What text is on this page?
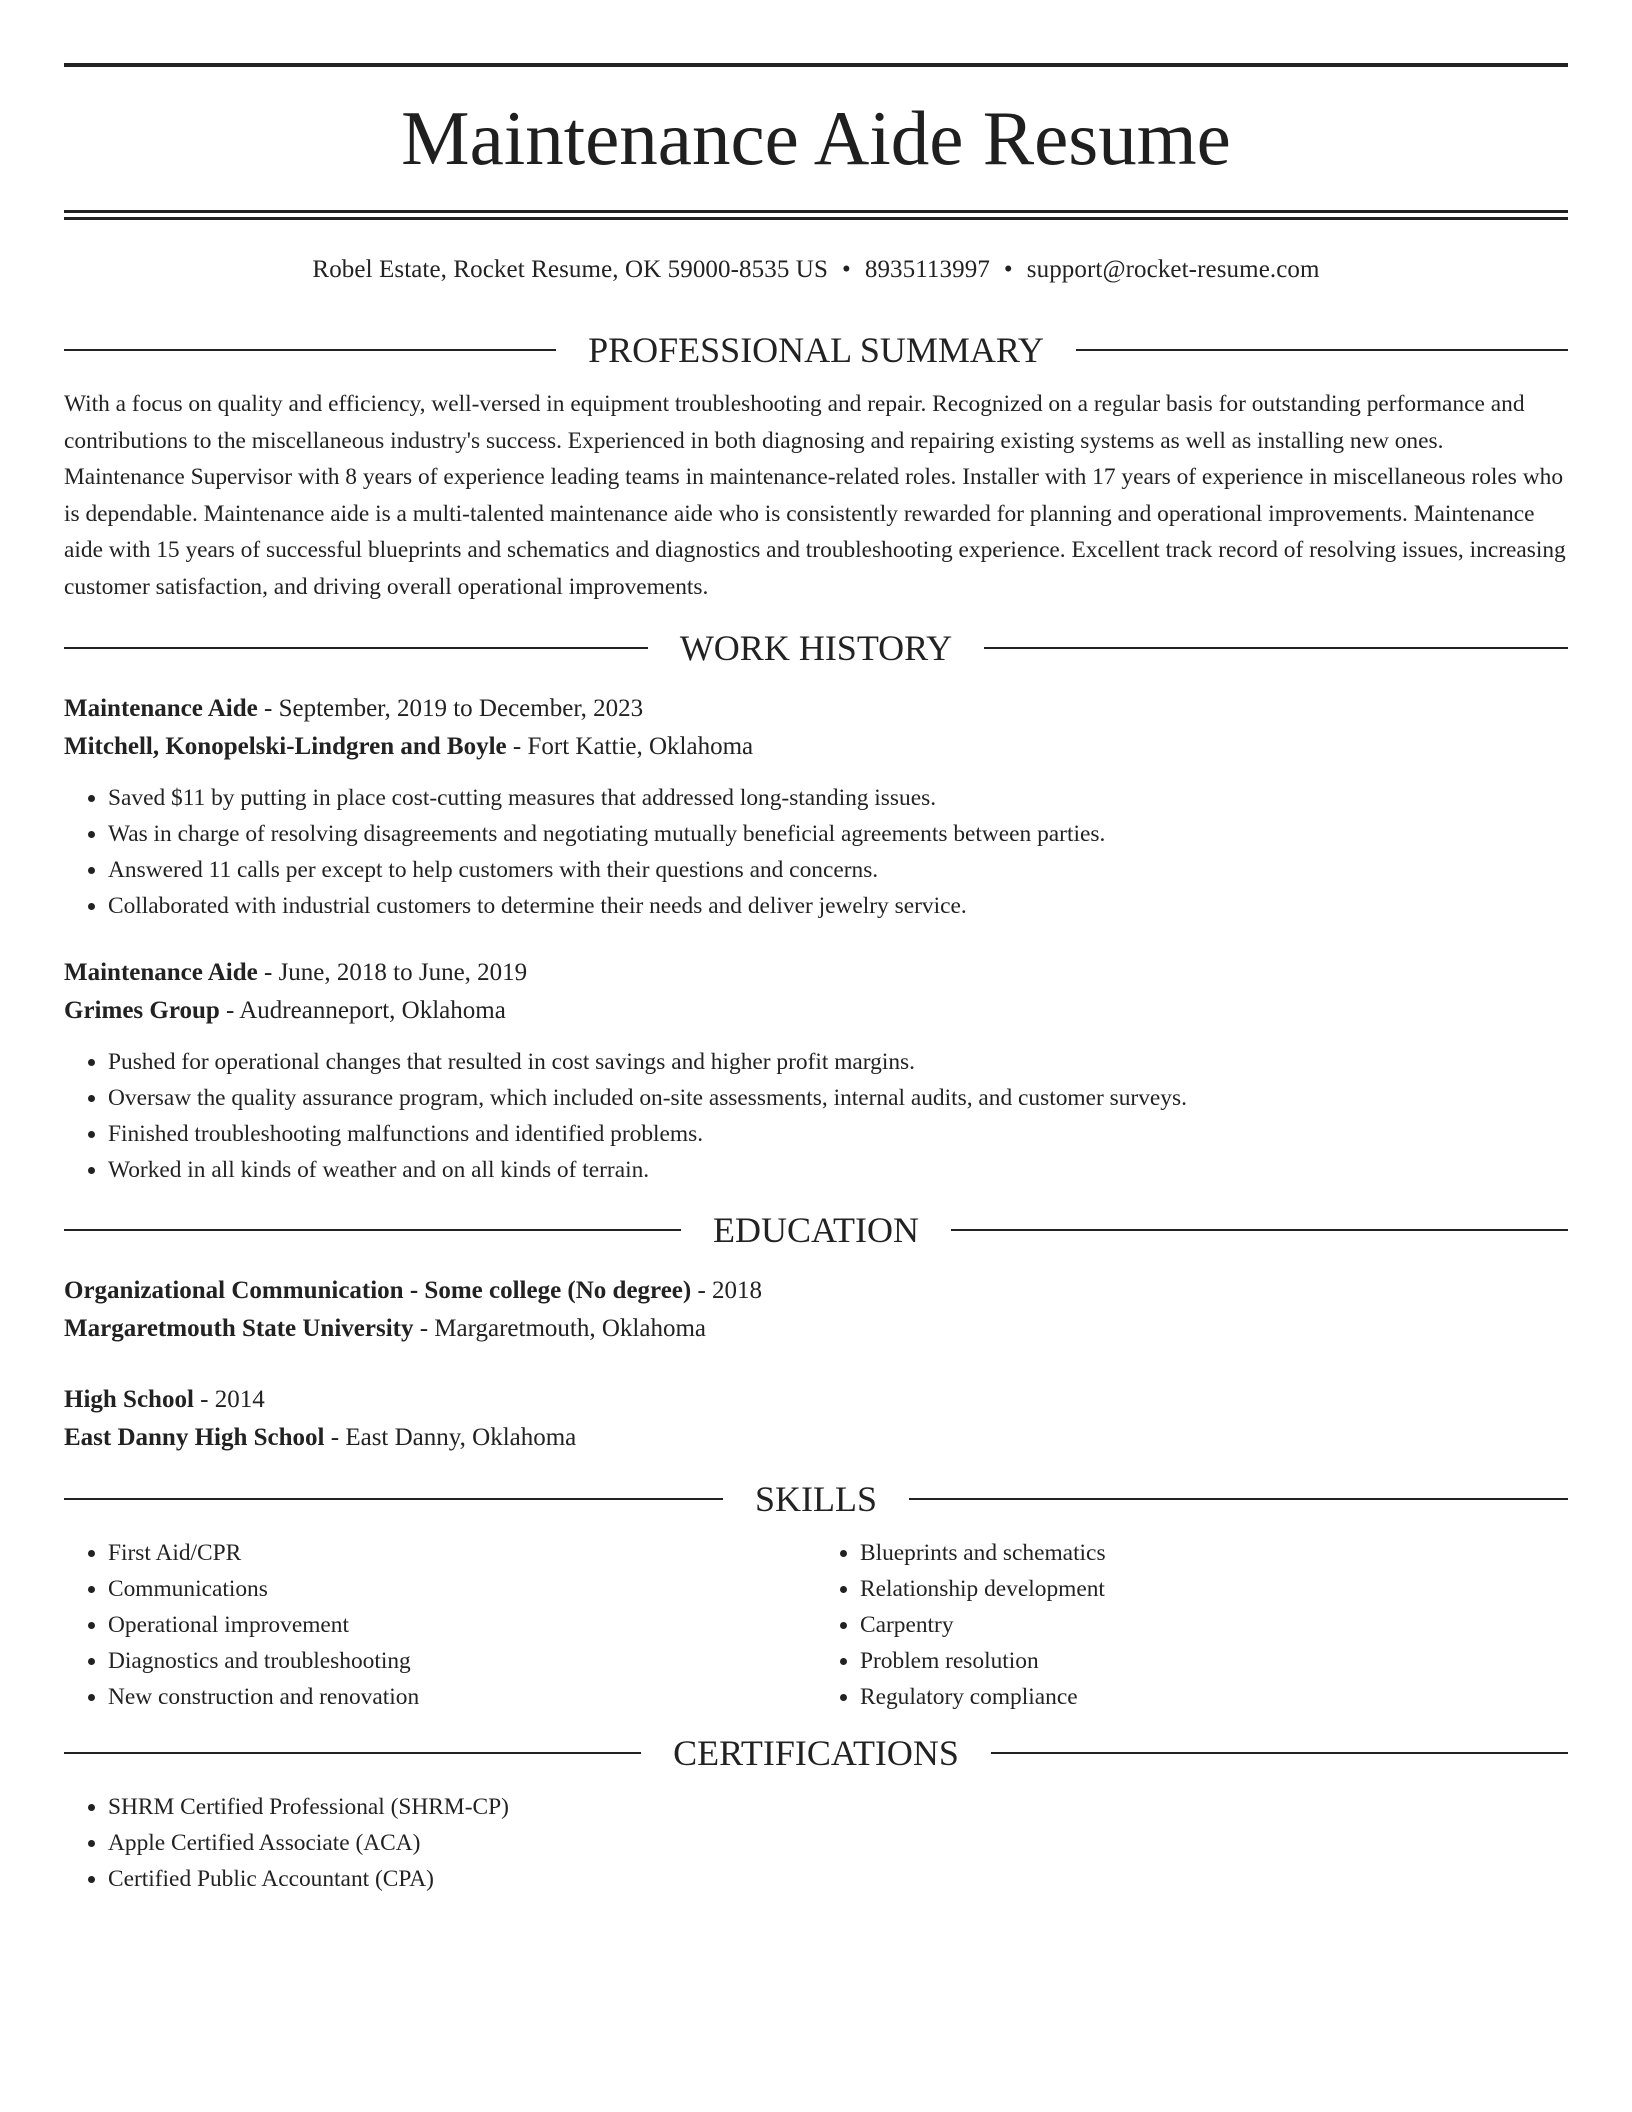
Maintenance Aide Resume
Robel Estate, Rocket Resume, OK 59000-8535 US • 8935113997 • support@rocket-resume.com
PROFESSIONAL SUMMARY

With a focus on quality and efficiency, well-versed in equipment troubleshooting and repair. Recognized on a regular basis for outstanding performance and contributions to the miscellaneous industry's success. Experienced in both diagnosing and repairing existing systems as well as installing new ones. Maintenance Supervisor with 8 years of experience leading teams in maintenance-related roles. Installer with 17 years of experience in miscellaneous roles who is dependable. Maintenance aide is a multi-talented maintenance aide who is consistently rewarded for planning and operational improvements. Maintenance aide with 15 years of successful blueprints and schematics and diagnostics and troubleshooting experience. Excellent track record of resolving issues, increasing customer satisfaction, and driving overall operational improvements.

WORK HISTORY

Maintenance Aide - September, 2019 to December, 2023

Mitchell, Konopelski-Lindgren and Boyle - Fort Kattie, Oklahoma

• Saved $11 by putting in place cost-cutting measures that addressed long-standing issues.
• Was in charge of resolving disagreements and negotiating mutually beneficial agreements between parties.
• Answered 11 calls per except to help customers with their questions and concerns.
• Collaborated with industrial customers to determine their needs and deliver jewelry service.

Maintenance Aide - June, 2018 to June, 2019

Grimes Group - Audreanneport, Oklahoma

• Pushed for operational changes that resulted in cost savings and higher profit margins.
• Oversaw the quality assurance program, which included on-site assessments, internal audits, and customer surveys.
• Finished troubleshooting malfunctions and identified problems.
• Worked in all kinds of weather and on all kinds of terrain.
EDUCATION

Organizational Communication - Some college (No degree) - 2018

Margaretmouth State University - Margaretmouth, Oklahoma

High School - 2014

East Danny High School - East Danny, Oklahoma

SKILLS
• First Aid/CPR
• Communications
• Operational improvement
• Diagnostics and troubleshooting
• New construction and renovation
• Blueprints and schematics
• Relationship development
• Carpentry
• Problem resolution
• Regulatory compliance
CERTIFICATIONS
• SHRM Certified Professional (SHRM-CP)
• Apple Certified Associate (ACA)
• Certified Public Accountant (CPA)
